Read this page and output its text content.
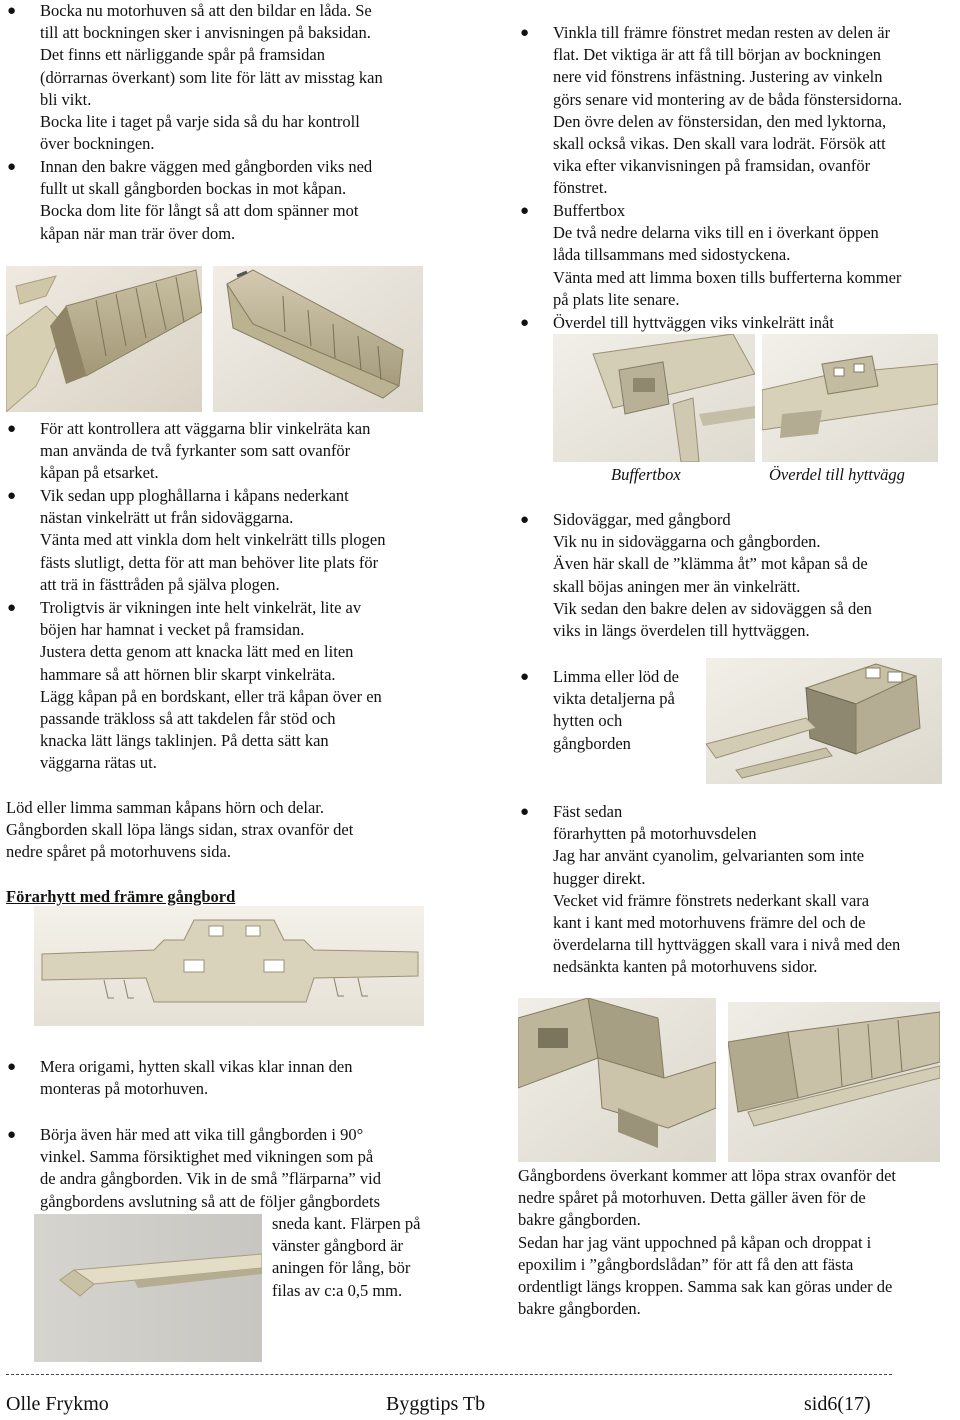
● Bocka nu motorhuven så att den bildar en låda. Se
till att bockningen sker i anvisningen på baksidan.
Det finns ett närliggande spår på framsidan
(dörrarnas överkant) som lite för lätt av misstag kan
bli vikt.
Bocka lite i taget på varje sida så du har kontroll
över bockningen.
● Innan den bakre väggen med gångborden viks ned
fullt ut skall gångborden bockas in mot kåpan.
Bocka dom lite för långt så att dom spänner mot
kåpan när man trär över dom.
● För att kontrollera att väggarna blir vinkelräta kan
man använda de två fyrkanter som satt ovanför
kåpan på etsarket.
● Vik sedan upp ploghållarna i kåpans nederkant
nästan vinkelrätt ut från sidoväggarna.
Vänta med att vinkla dom helt vinkelrätt tills plogen
fästs slutligt, detta för att man behöver lite plats för
att trä in fästtråden på själva plogen.
● Troligtvis är vikningen inte helt vinkelrät, lite av
böjen har hamnat i vecket på framsidan.
Justera detta genom att knacka lätt med en liten
hammare så att hörnen blir skarpt vinkelräta.
Lägg kåpan på en bordskant, eller trä kåpan över en
passande träkloss så att takdelen får stöd och
knacka lätt längs taklinjen. På detta sätt kan
väggarna rätas ut.
Löd eller limma samman kåpans hörn och delar.
Gångborden skall löpa längs sidan, strax ovanför det
nedre spåret på motorhuvens sida.
Förarhytt med främre gångbord
● Mera origami, hytten skall vikas klar innan den
monteras på motorhuven.
● Börja även här med att vika till gångborden i 90°
vinkel. Samma försiktighet med vikningen som på
de andra gångborden. Vik in de små ”flärparna” vid
gångbordens avslutning så att de följer gångbordets
sneda kant. Flärpen på
vänster gångbord är
aningen för lång, bör
filas av c:a 0,5 mm.
● Vinkla till främre fönstret medan resten av delen är
flat. Det viktiga är att få till början av bockningen
nere vid fönstrens infästning. Justering av vinkeln
görs senare vid montering av de båda fönstersidorna.
Den övre delen av fönstersidan, den med lyktorna,
skall också vikas. Den skall vara lodrät. Försök att
vika efter vikanvisningen på framsidan, ovanför
fönstret.
● Buffertbox
De två nedre delarna viks till en i överkant öppen
låda tillsammans med sidostyckena.
Vänta med att limma boxen tills bufferterna kommer
på plats lite senare.
● Överdel till hyttväggen viks vinkelrätt inåt
Buffertbox	Överdel till hyttvägg
● Sidoväggar, med gångbord
Vik nu in sidoväggarna och gångborden.
Även här skall de ”klämma åt” mot kåpan så de
skall böjas aningen mer än vinkelrätt.
Vik sedan den bakre delen av sidoväggen så den
viks in längs överdelen till hyttväggen.
● Limma eller löd de
vikta detaljerna på
hytten och
gångborden
● Fäst sedan
förarhytten på motorhuvsdelen
Jag har använt cyanolim, gelvarianten som inte
hugger direkt.
Vecket vid främre fönstrets nederkant skall vara
kant i kant med motorhuvens främre del och de
överdelarna till hyttväggen skall vara i nivå med den
nedsänkta kanten på motorhuvens sidor.
Gångbordens överkant kommer att löpa strax ovanför det
nedre spåret på motorhuven. Detta gäller även för de
bakre gångborden.
Sedan har jag vänt uppochned på kåpan och droppat i
epoxilim i ”gångbordslådan” för att få den att fästa
ordentligt längs kroppen. Samma sak kan göras under de
bakre gångborden.
Olle Frykmo	Byggtips Tb	sid6(17)
